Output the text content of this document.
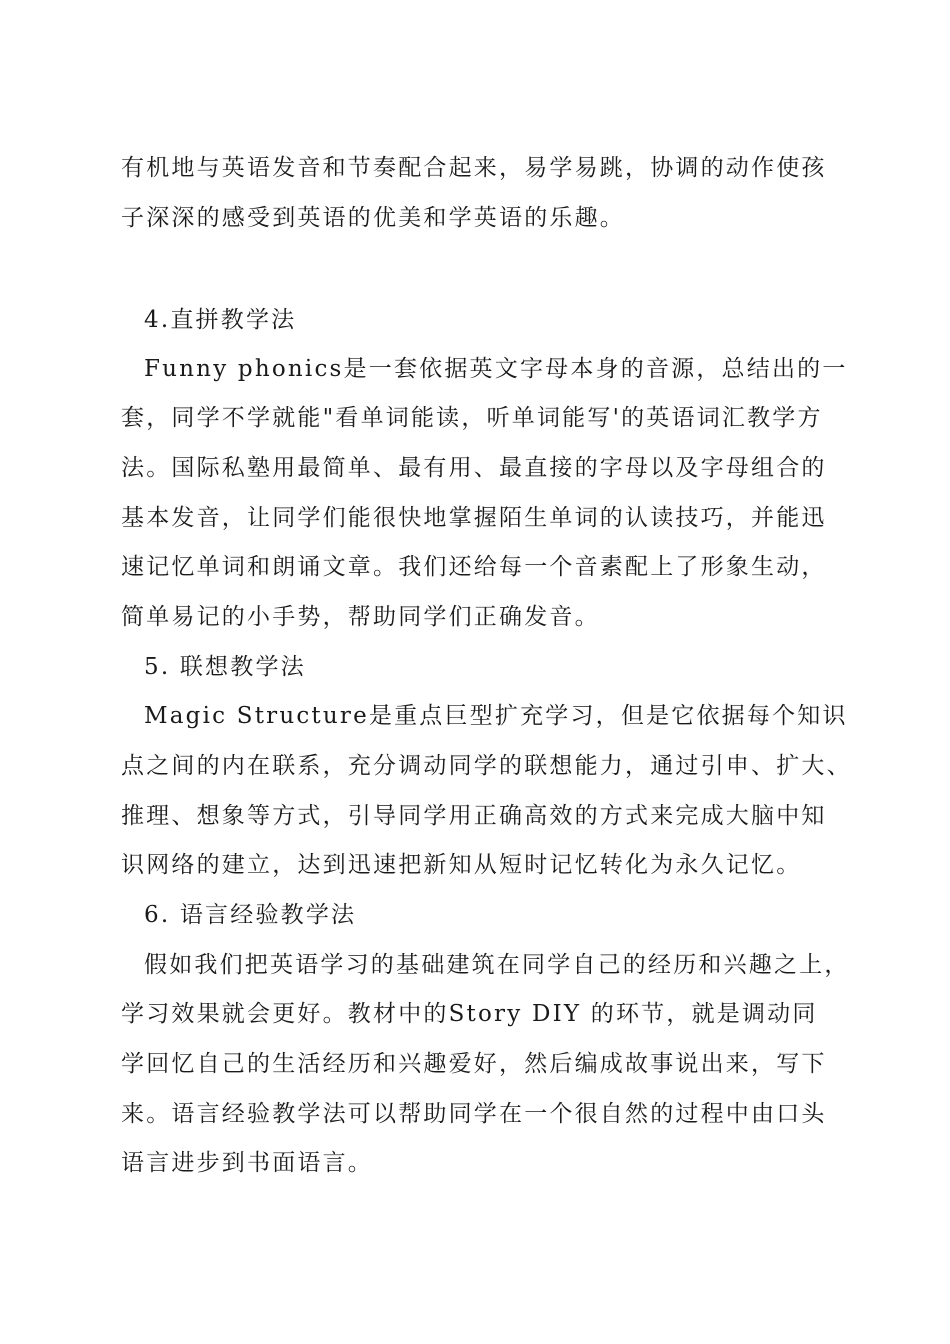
有机地与英语发音和节奏配合起来，易学易跳，协调的动作使孩
子深深的感受到英语的优美和学英语的乐趣。
4.直拼教学法
Funny phonics是一套依据英文字母本身的音源，总结出的一
套，同学不学就能"看单词能读，听单词能写'的英语词汇教学方
法。国际私塾用最简单、最有用、最直接的字母以及字母组合的
基本发音，让同学们能很快地掌握陌生单词的认读技巧，并能迅
速记忆单词和朗诵文章。我们还给每一个音素配上了形象生动，
简单易记的小手势，帮助同学们正确发音。
5. 联想教学法
Magic Structure是重点巨型扩充学习，但是它依据每个知识
点之间的内在联系，充分调动同学的联想能力，通过引申、扩大、
推理、想象等方式，引导同学用正确高效的方式来完成大脑中知
识网络的建立，达到迅速把新知从短时记忆转化为永久记忆。
6. 语言经验教学法
假如我们把英语学习的基础建筑在同学自己的经历和兴趣之上，
学习效果就会更好。教材中的Story DIY 的环节，就是调动同
学回忆自己的生活经历和兴趣爱好，然后编成故事说出来，写下
来。语言经验教学法可以帮助同学在一个很自然的过程中由口头
语言进步到书面语言。
